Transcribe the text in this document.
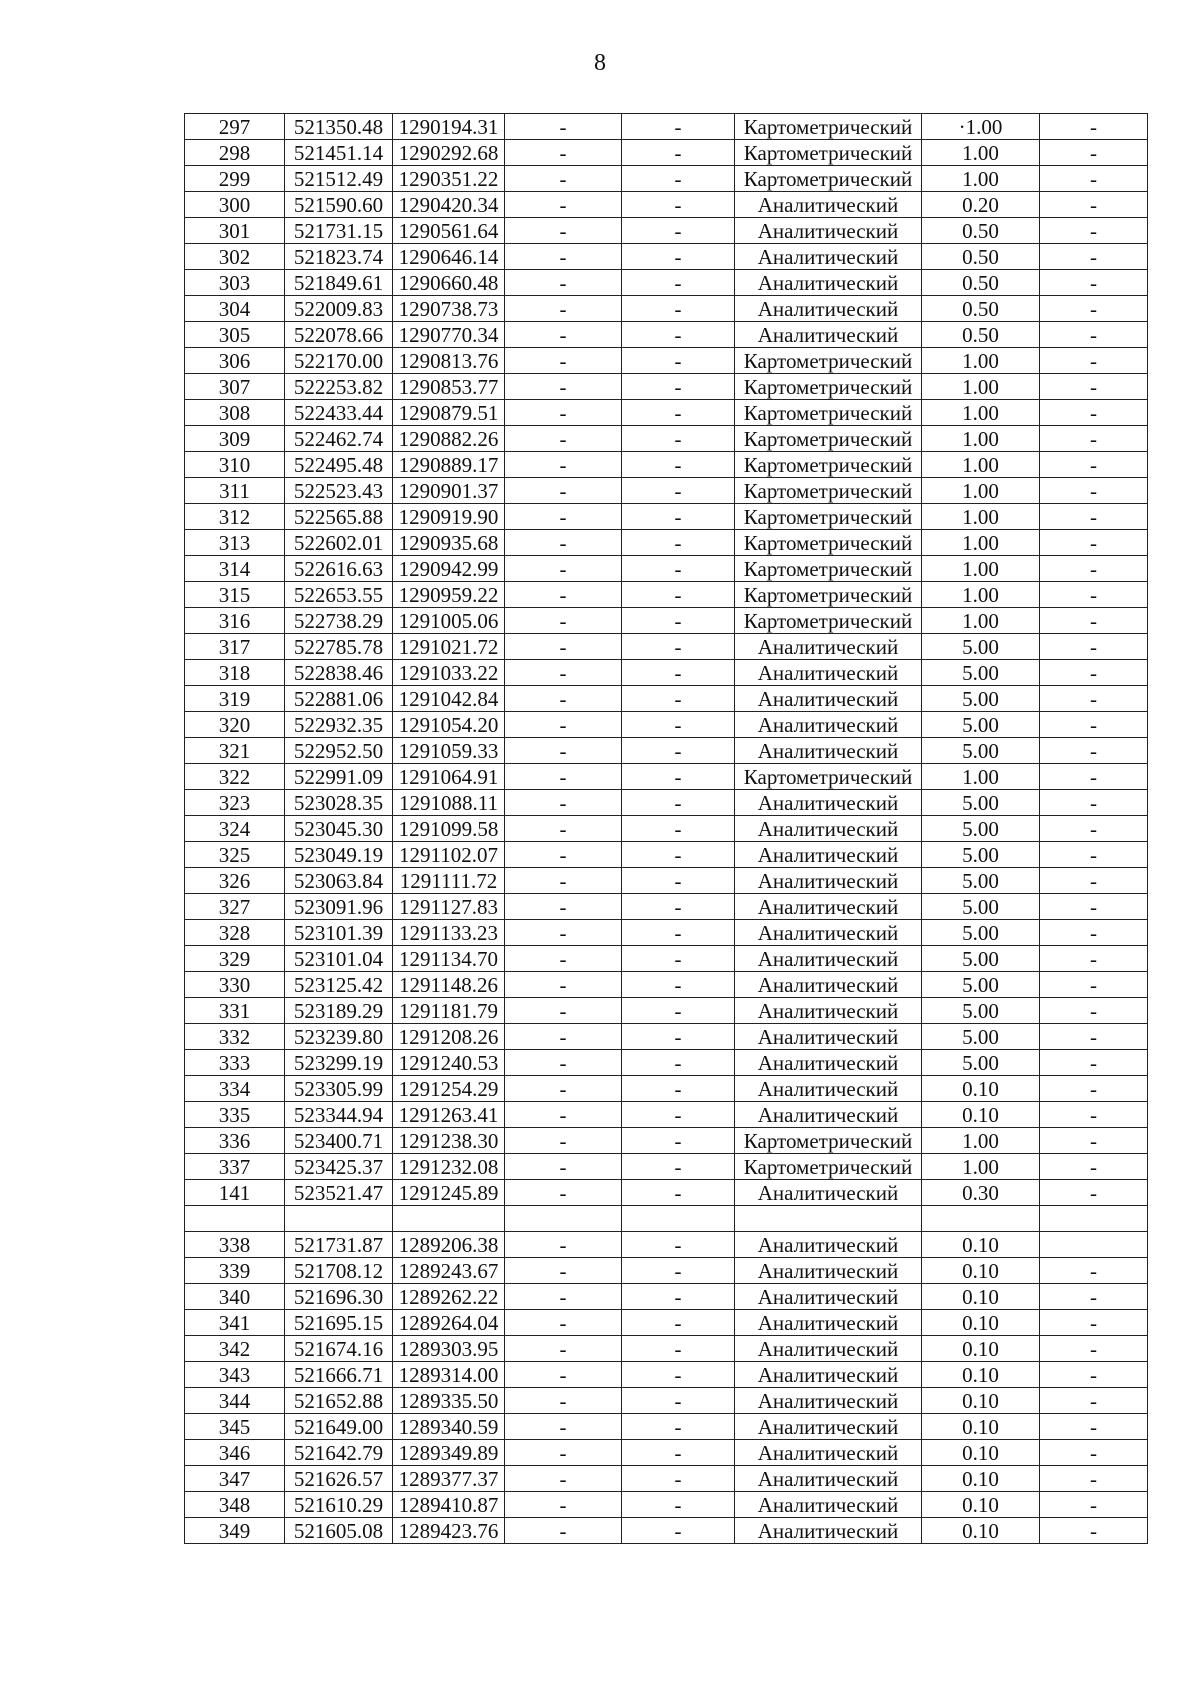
8
297	521350.48	1290194.31	-	-	Картометрический	·1.00	-
298	521451.14	1290292.68	-	-	Картометрический	1.00	-
299	521512.49	1290351.22	-	-	Картометрический	1.00	-
300	521590.60	1290420.34	-	-	Аналитический	0.20	-
301	521731.15	1290561.64	-	-	Аналитический	0.50	-
302	521823.74	1290646.14	-	-	Аналитический	0.50	-
303	521849.61	1290660.48	-	-	Аналитический	0.50	-
304	522009.83	1290738.73	-	-	Аналитический	0.50	-
305	522078.66	1290770.34	-	-	Аналитический	0.50	-
306	522170.00	1290813.76	-	-	Картометрический	1.00	-
307	522253.82	1290853.77	-	-	Картометрический	1.00	-
308	522433.44	1290879.51	-	-	Картометрический	1.00	-
309	522462.74	1290882.26	-	-	Картометрический	1.00	-
310	522495.48	1290889.17	-	-	Картометрический	1.00	-
311	522523.43	1290901.37	-	-	Картометрический	1.00	-
312	522565.88	1290919.90	-	-	Картометрический	1.00	-
313	522602.01	1290935.68	-	-	Картометрический	1.00	-
314	522616.63	1290942.99	-	-	Картометрический	1.00	-
315	522653.55	1290959.22	-	-	Картометрический	1.00	-
316	522738.29	1291005.06	-	-	Картометрический	1.00	-
317	522785.78	1291021.72	-	-	Аналитический	5.00	-
318	522838.46	1291033.22	-	-	Аналитический	5.00	-
319	522881.06	1291042.84	-	-	Аналитический	5.00	-
320	522932.35	1291054.20	-	-	Аналитический	5.00	-
321	522952.50	1291059.33	-	-	Аналитический	5.00	-
322	522991.09	1291064.91	-	-	Картометрический	1.00	-
323	523028.35	1291088.11	-	-	Аналитический	5.00	-
324	523045.30	1291099.58	-	-	Аналитический	5.00	-
325	523049.19	1291102.07	-	-	Аналитический	5.00	-
326	523063.84	1291111.72	-	-	Аналитический	5.00	-
327	523091.96	1291127.83	-	-	Аналитический	5.00	-
328	523101.39	1291133.23	-	-	Аналитический	5.00	-
329	523101.04	1291134.70	-	-	Аналитический	5.00	-
330	523125.42	1291148.26	-	-	Аналитический	5.00	-
331	523189.29	1291181.79	-	-	Аналитический	5.00	-
332	523239.80	1291208.26	-	-	Аналитический	5.00	-
333	523299.19	1291240.53	-	-	Аналитический	5.00	-
334	523305.99	1291254.29	-	-	Аналитический	0.10	-
335	523344.94	1291263.41	-	-	Аналитический	0.10	-
336	523400.71	1291238.30	-	-	Картометрический	1.00	-
337	523425.37	1291232.08	-	-	Картометрический	1.00	-
141	523521.47	1291245.89	-	-	Аналитический	0.30	-

338	521731.87	1289206.38	-	-	Аналитический	0.10	
339	521708.12	1289243.67	-	-	Аналитический	0.10	-
340	521696.30	1289262.22	-	-	Аналитический	0.10	-
341	521695.15	1289264.04	-	-	Аналитический	0.10	-
342	521674.16	1289303.95	-	-	Аналитический	0.10	-
343	521666.71	1289314.00	-	-	Аналитический	0.10	-
344	521652.88	1289335.50	-	-	Аналитический	0.10	-
345	521649.00	1289340.59	-	-	Аналитический	0.10	-
346	521642.79	1289349.89	-	-	Аналитический	0.10	-
347	521626.57	1289377.37	-	-	Аналитический	0.10	-
348	521610.29	1289410.87	-	-	Аналитический	0.10	-
349	521605.08	1289423.76	-	-	Аналитический	0.10	-
